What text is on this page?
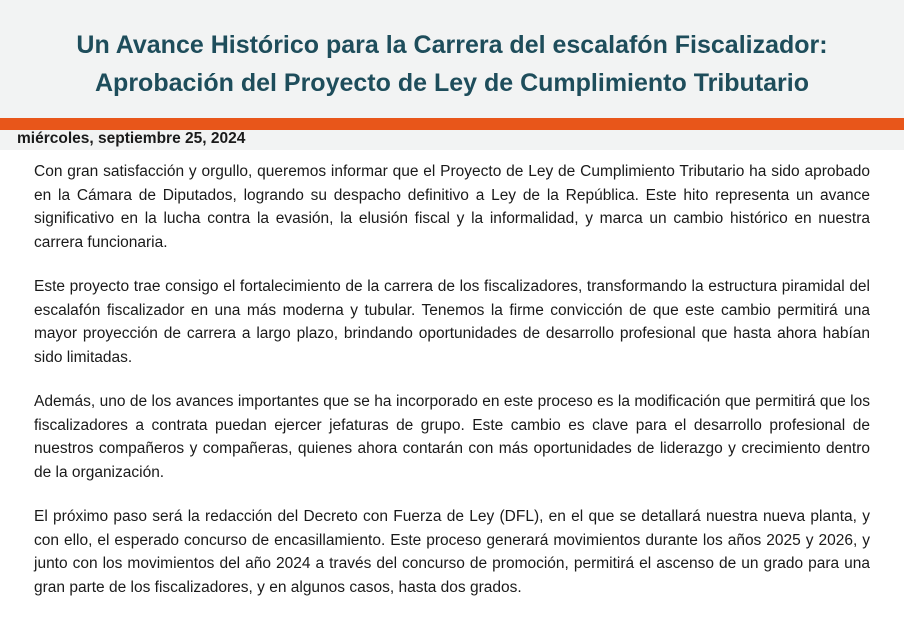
Un Avance Histórico para la Carrera del escalafón Fiscalizador:
Aprobación del Proyecto de Ley de Cumplimiento Tributario
miércoles, septiembre 25, 2024

Con gran satisfacción y orgullo, queremos informar que el Proyecto de Ley de Cumplimiento Tributario ha sido aprobado en la Cámara de Diputados, logrando su despacho definitivo a Ley de la República. Este hito representa un avance significativo en la lucha contra la evasión, la elusión fiscal y la informalidad, y marca un cambio histórico en nuestra carrera funcionaria.

Este proyecto trae consigo el fortalecimiento de la carrera de los fiscalizadores, transformando la estructura piramidal del escalafón fiscalizador en una más moderna y tubular. Tenemos la firme convicción de que este cambio permitirá una mayor proyección de carrera a largo plazo, brindando oportunidades de desarrollo profesional que hasta ahora habían sido limitadas.

Además, uno de los avances importantes que se ha incorporado en este proceso es la modificación que permitirá que los fiscalizadores a contrata puedan ejercer jefaturas de grupo. Este cambio es clave para el desarrollo profesional de nuestros compañeros y compañeras, quienes ahora contarán con más oportunidades de liderazgo y crecimiento dentro de la organización.

El próximo paso será la redacción del Decreto con Fuerza de Ley (DFL), en el que se detallará nuestra nueva planta, y con ello, el esperado concurso de encasillamiento. Este proceso generará movimientos durante los años 2025 y 2026, y junto con los movimientos del año 2024 a través del concurso de promoción, permitirá el ascenso de un grado para una gran parte de los fiscalizadores, y en algunos casos, hasta dos grados.
